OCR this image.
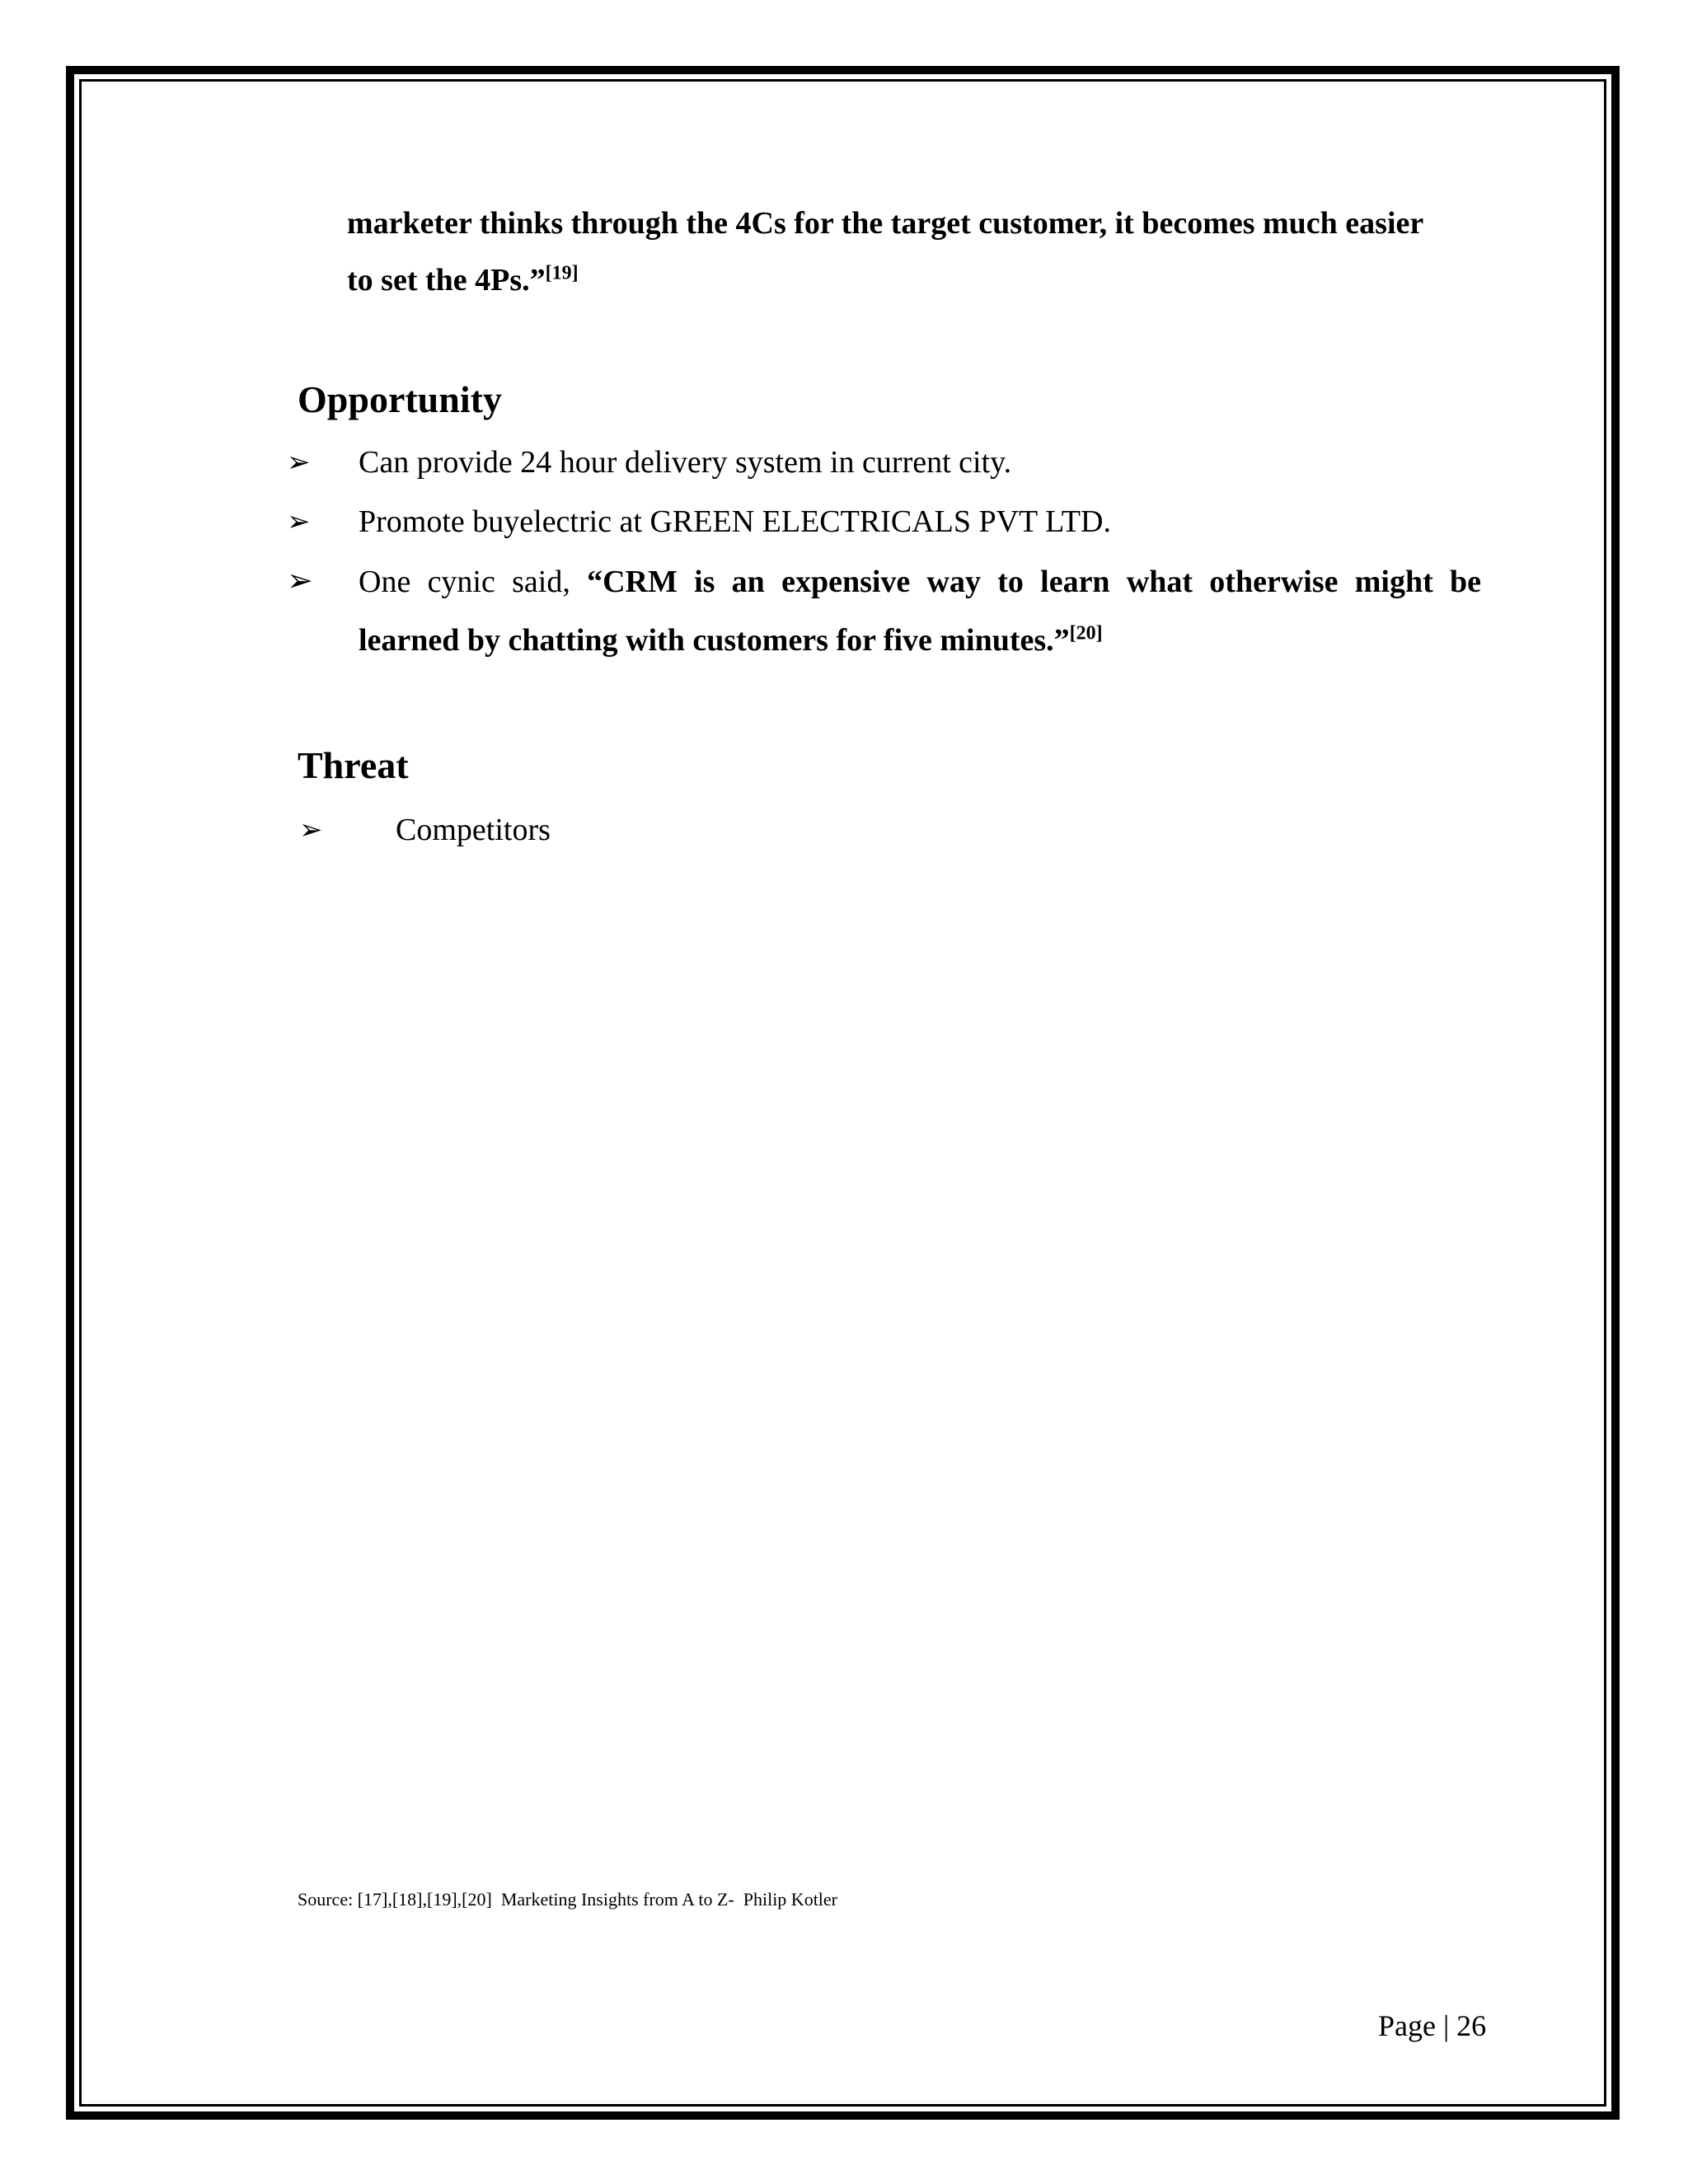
marketer thinks through the 4Cs for the target customer, it becomes much easier
to set the 4Ps.”[19]
Opportunity
➢ Can provide 24 hour delivery system in current city.
➢ Promote buyelectric at GREEN ELECTRICALS PVT LTD.
➢ One cynic said, “CRM is an expensive way to learn what otherwise might be
learned by chatting with customers for five minutes.”[20]
Threat
➢ Competitors
Source: [17],[18],[19],[20]  Marketing Insights from A to Z-  Philip Kotler
Page | 26
